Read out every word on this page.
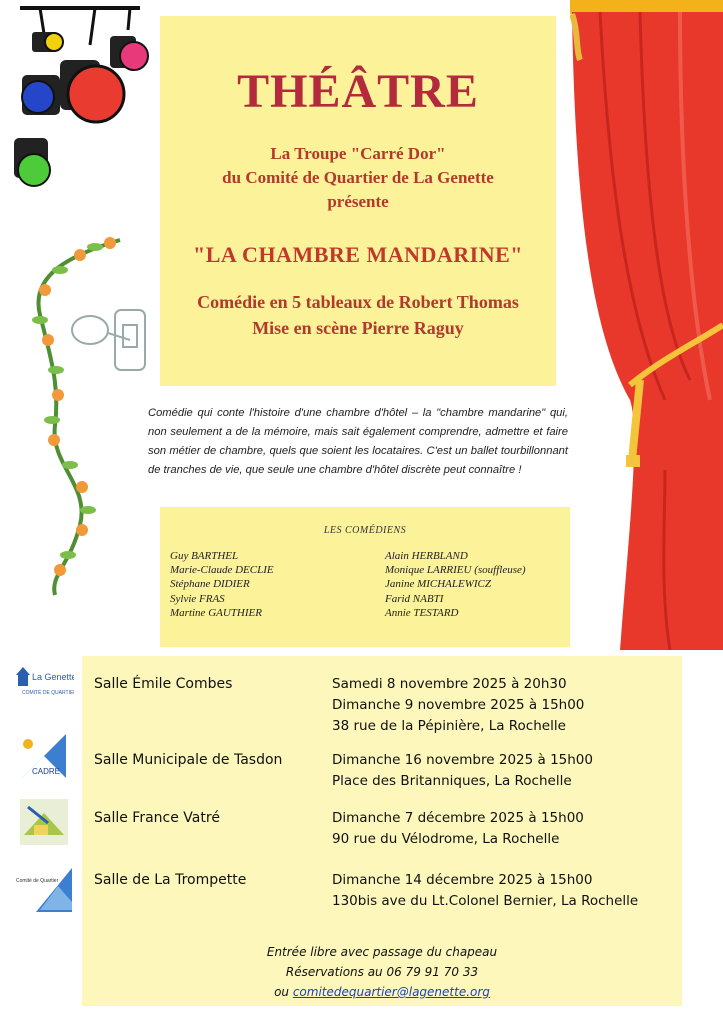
THÉÂTRE
La Troupe "Carré Dor"
du Comité de Quartier de La Genette
présente
"LA CHAMBRE MANDARINE"
Comédie en 5 tableaux de Robert Thomas
Mise en scène Pierre Raguy
Comédie qui conte l'histoire d'une chambre d'hôtel – la "chambre mandarine" qui, non seulement a de la mémoire, mais sait également comprendre, admettre et faire son métier de chambre, quels que soient les locataires. C'est un ballet tourbillonnant de tranches de vie, que seule une chambre d'hôtel discrète peut connaître !
LES COMÉDIENS
Guy BARTHEL
Marie-Claude DECLIE
Stéphane DIDIER
Sylvie FRAS
Martine GAUTHIER
Alain HERBLAND
Monique LARRIEU (souffleuse)
Janine MICHALEWICZ
Farid NABTI
Annie TESTARD
La Genette
COMITÉ DE QUARTIER
CADRE
Comité de Quartier
Salle Émile Combes	Samedi 8 novembre 2025 à 20h30
Dimanche 9 novembre 2025 à 15h00
38 rue de la Pépinière, La Rochelle
Salle Municipale de Tasdon	Dimanche 16 novembre 2025 à 15h00
Place des Britanniques, La Rochelle
Salle France Vatré	Dimanche 7 décembre 2025 à 15h00
90 rue du Vélodrome, La Rochelle
Salle de La Trompette	Dimanche 14 décembre 2025 à 15h00
130bis ave du Lt.Colonel Bernier, La Rochelle
Entrée libre avec passage du chapeau
Réservations au 06 79 91 70 33
ou comitedequartier@lagenette.org
